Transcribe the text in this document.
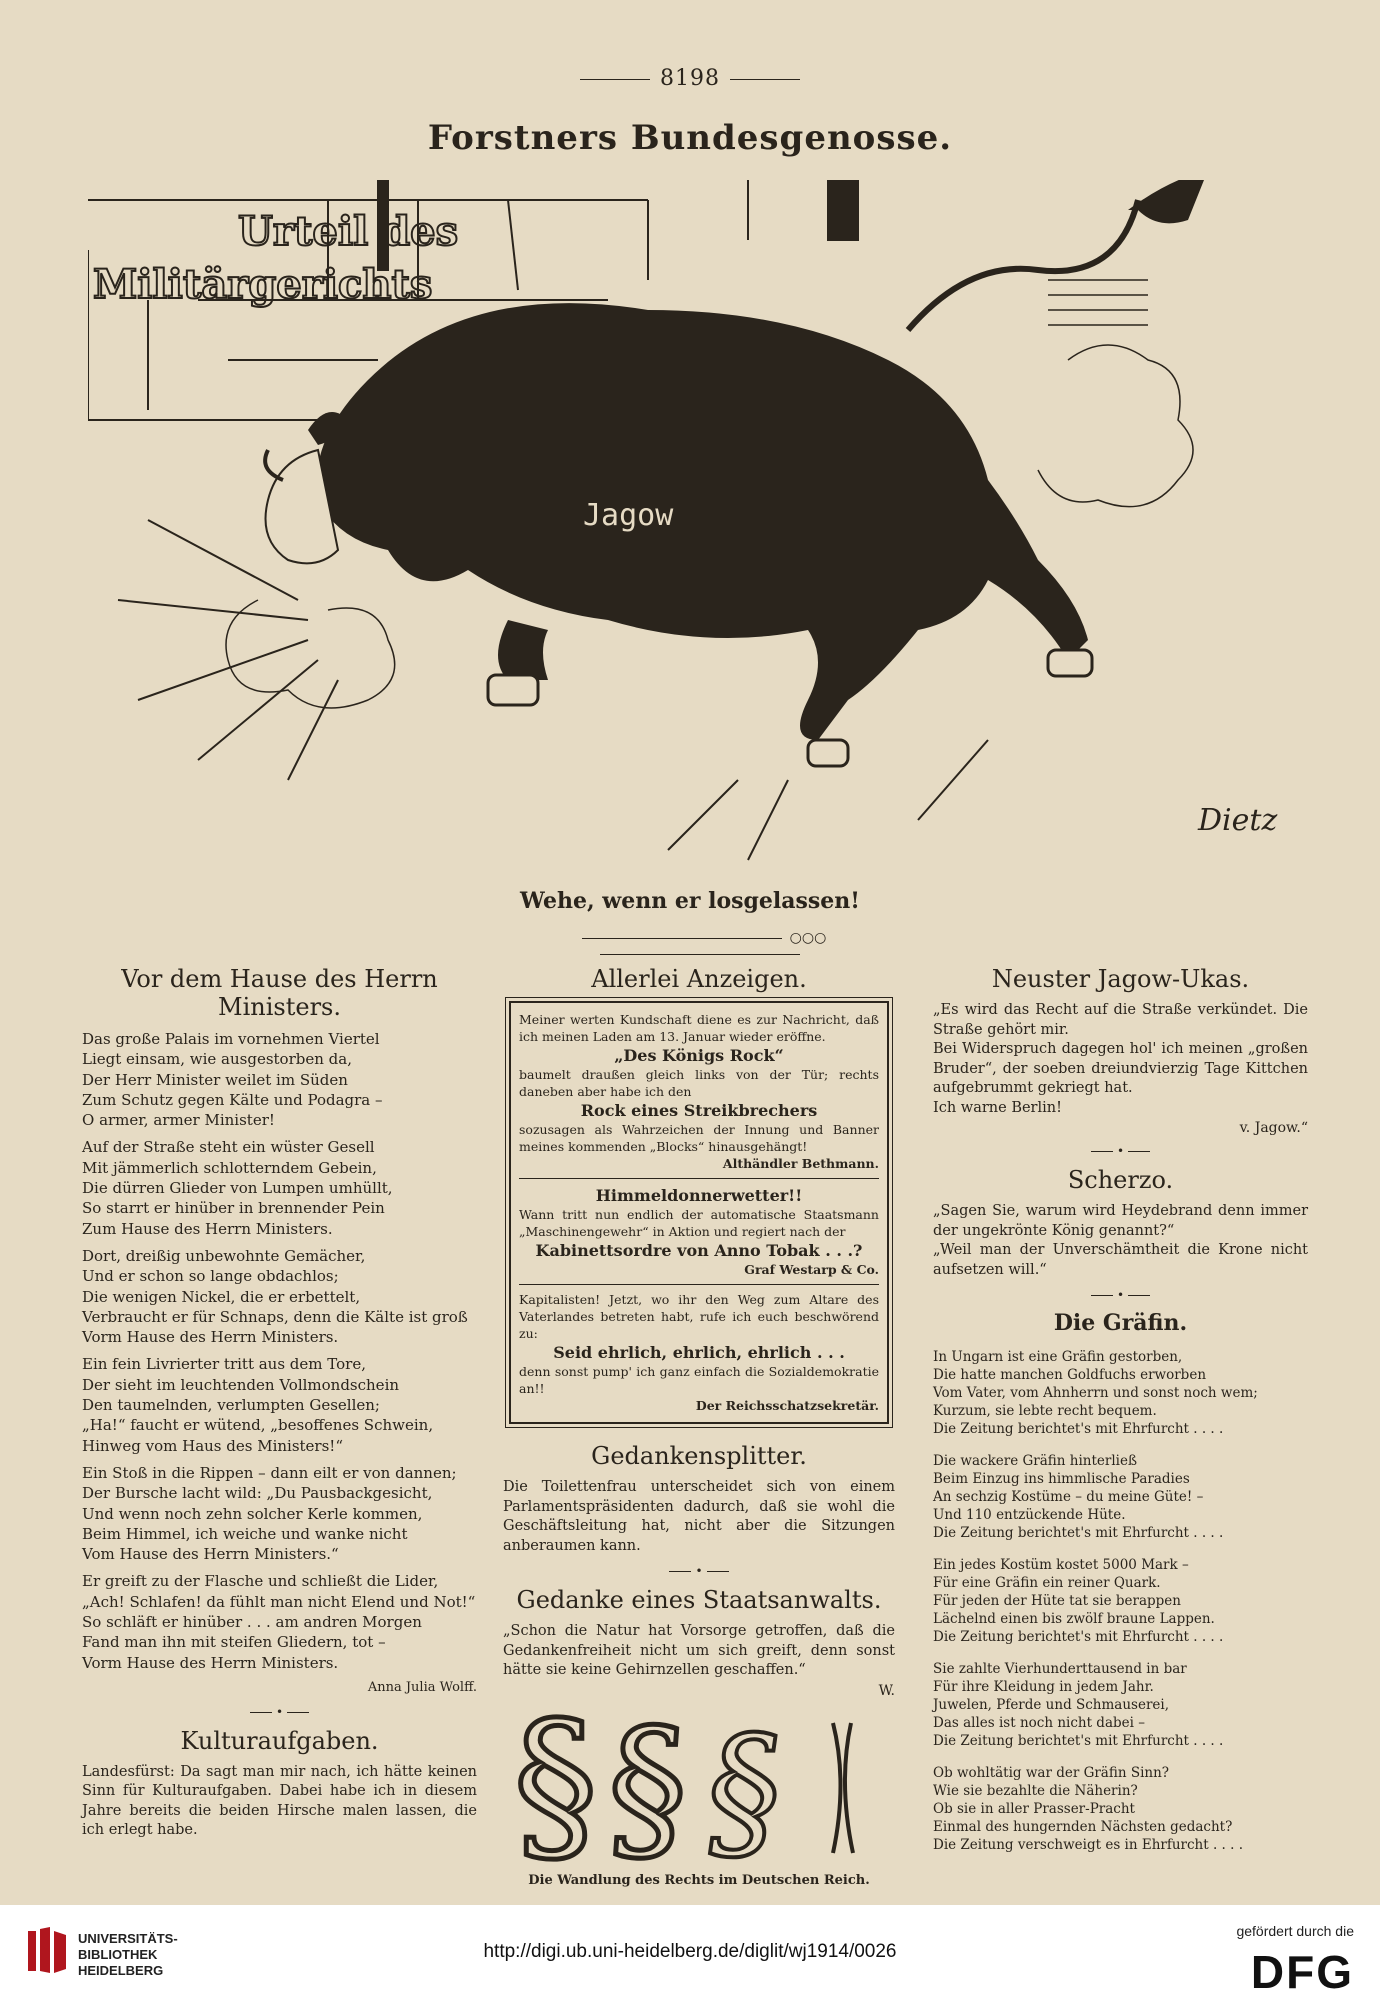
8198
Forstners Bundesgenosse.
Urteil des
Militärgerichts
Jagow
Dietz
Wehe, wenn er losgelassen!
○○○
Vor dem Hause des Herrn Ministers.
Das große Palais im vornehmen Viertel
Liegt einsam, wie ausgestorben da,
Der Herr Minister weilet im Süden
Zum Schutz gegen Kälte und Podagra –
O armer, armer Minister!
Auf der Straße steht ein wüster Gesell
Mit jämmerlich schlotterndem Gebein,
Die dürren Glieder von Lumpen umhüllt,
So starrt er hinüber in brennender Pein
Zum Hause des Herrn Ministers.
Dort, dreißig unbewohnte Gemächer,
Und er schon so lange obdachlos;
Die wenigen Nickel, die er erbettelt,
Verbraucht er für Schnaps, denn die Kälte ist groß
Vorm Hause des Herrn Ministers.
Ein fein Livrierter tritt aus dem Tore,
Der sieht im leuchtenden Vollmondschein
Den taumelnden, verlumpten Gesellen;
„Ha!“ faucht er wütend, „besoffenes Schwein,
Hinweg vom Haus des Ministers!“
Ein Stoß in die Rippen – dann eilt er von dannen;
Der Bursche lacht wild: „Du Pausbackgesicht,
Und wenn noch zehn solcher Kerle kommen,
Beim Himmel, ich weiche und wanke nicht
Vom Hause des Herrn Ministers.“
Er greift zu der Flasche und schließt die Lider,
„Ach! Schlafen! da fühlt man nicht Elend und Not!“
So schläft er hinüber . . . am andren Morgen
Fand man ihn mit steifen Gliedern, tot –
Vorm Hause des Herrn Ministers.
Anna Julia Wolff.
•
Kulturaufgaben.

Landesfürst: Da sagt man mir nach, ich hätte keinen Sinn für Kulturaufgaben. Dabei habe ich in diesem Jahre bereits die beiden Hirsche malen lassen, die ich erlegt habe.

Allerlei Anzeigen.
Meiner werten Kundschaft diene es zur Nachricht, daß ich meinen Laden am 13. Januar wieder eröffne.
„Des Königs Rock“
baumelt draußen gleich links von der Tür; rechts daneben aber habe ich den
Rock eines Streikbrechers
sozusagen als Wahrzeichen der Innung und Banner meines kommenden „Blocks“ hinausgehängt!
Althändler Bethmann.
Himmeldonnerwetter!!
Wann tritt nun endlich der automatische Staatsmann „Maschinengewehr“ in Aktion und regiert nach der
Kabinettsordre von Anno Tobak . . .?
Graf Westarp & Co.
Kapitalisten! Jetzt, wo ihr den Weg zum Altare des Vaterlandes betreten habt, rufe ich euch beschwörend zu:
Seid ehrlich, ehrlich, ehrlich . . .
denn sonst pump' ich ganz einfach die Sozialdemokratie an!!
Der Reichsschatzsekretär.
Gedankensplitter.

Die Toilettenfrau unterscheidet sich von einem Parlamentspräsidenten dadurch, daß sie wohl die Geschäftsleitung hat, nicht aber die Sitzungen anberaumen kann.

•
Gedanke eines Staatsanwalts.

„Schon die Natur hat Vorsorge getroffen, daß die Gedankenfreiheit nicht um sich greift, denn sonst hätte sie keine Gehirnzellen geschaffen.“

W.
§ § §
Die Wandlung des Rechts im Deutschen Reich.
Neuster Jagow-Ukas.

„Es wird das Recht auf die Straße verkündet. Die Straße gehört mir.
Bei Widerspruch dagegen hol' ich meinen „großen Bruder“, der soeben dreiundvierzig Tage Kittchen aufgebrummt gekriegt hat.
Ich warne Berlin!

v. Jagow.“
•
Scherzo.

„Sagen Sie, warum wird Heydebrand denn immer der ungekrönte König genannt?“
„Weil man der Unverschämtheit die Krone nicht aufsetzen will.“

•
Die Gräfin.
In Ungarn ist eine Gräfin gestorben,
Die hatte manchen Goldfuchs erworben
Vom Vater, vom Ahnherrn und sonst noch wem;
Kurzum, sie lebte recht bequem.
Die Zeitung berichtet's mit Ehrfurcht . . . .
Die wackere Gräfin hinterließ
Beim Einzug ins himmlische Paradies
An sechzig Kostüme – du meine Güte! –
Und 110 entzückende Hüte.
Die Zeitung berichtet's mit Ehrfurcht . . . .
Ein jedes Kostüm kostet 5000 Mark –
Für eine Gräfin ein reiner Quark.
Für jeden der Hüte tat sie berappen
Lächelnd einen bis zwölf braune Lappen.
Die Zeitung berichtet's mit Ehrfurcht . . . .
Sie zahlte Vierhunderttausend in bar
Für ihre Kleidung in jedem Jahr.
Juwelen, Pferde und Schmauserei,
Das alles ist noch nicht dabei –
Die Zeitung berichtet's mit Ehrfurcht . . . .
Ob wohltätig war der Gräfin Sinn?
Wie sie bezahlte die Näherin?
Ob sie in aller Prasser-Pracht
Einmal des hungernden Nächsten gedacht?
Die Zeitung verschweigt es in Ehrfurcht . . . .
UNIVERSITÄTS-
BIBLIOTHEK
HEIDELBERG
http://digi.ub.uni-heidelberg.de/diglit/wj1914/0026
gefördert durch die
DFG
